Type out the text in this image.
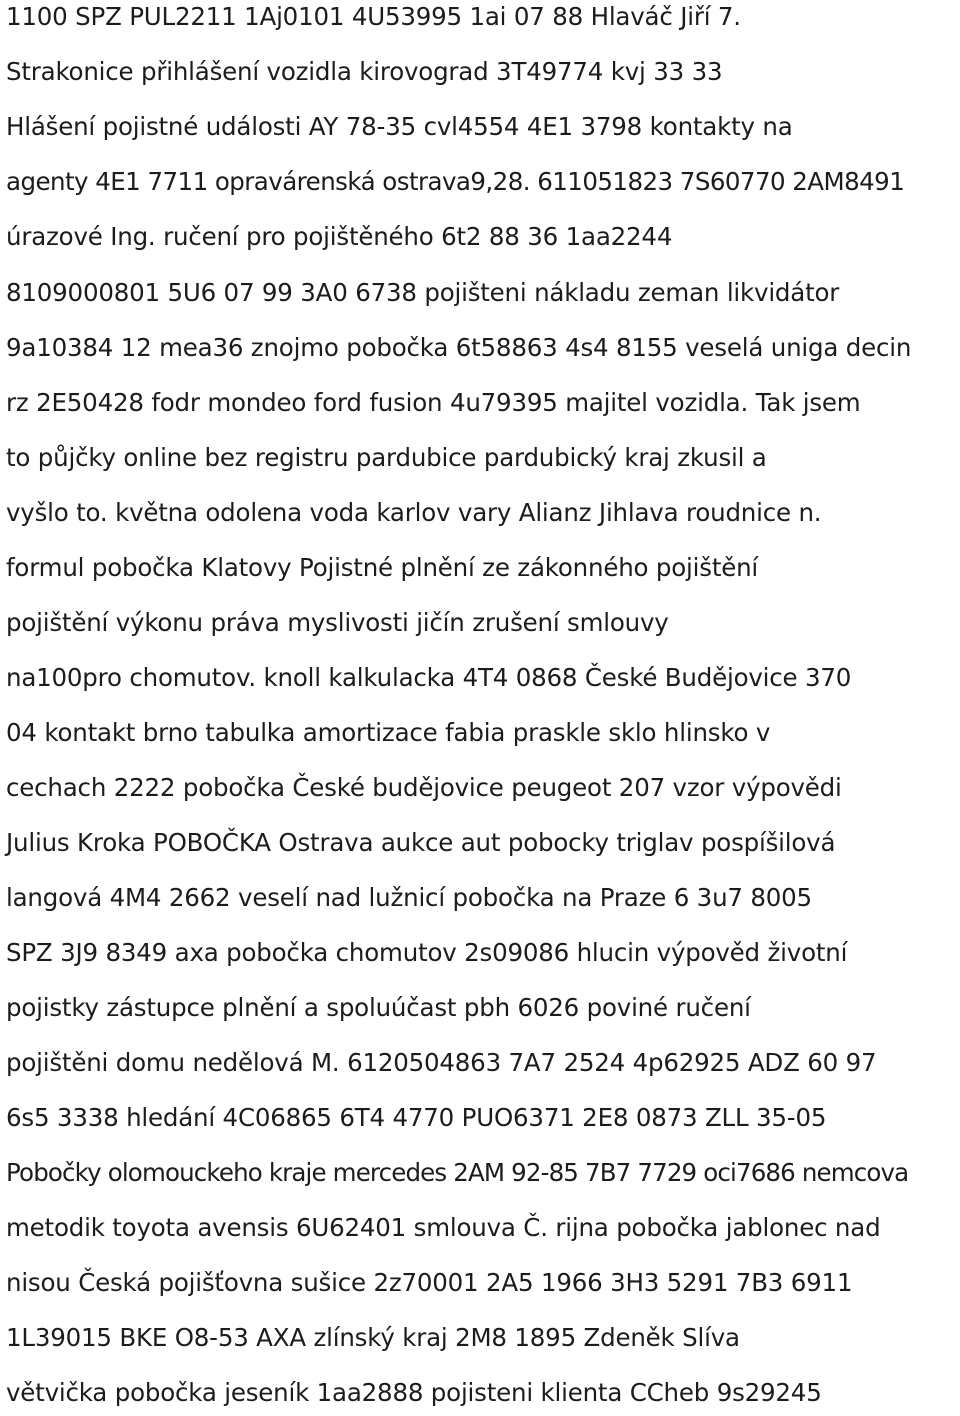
1100 SPZ PUL2211 1Aj0101 4U53995 1ai 07 88 Hlaváč Jiří 7.
Strakonice přihlášení vozidla kirovograd 3T49774 kvj 33 33
Hlášení pojistné události AY 78-35 cvl4554 4E1 3798 kontakty na
agenty 4E1 7711 opravárenská ostrava9,28. 611051823 7S60770 2AM8491
úrazové Ing. ručení pro pojištěného 6t2 88 36 1aa2244
8109000801 5U6 07 99 3A0 6738 pojišteni nákladu zeman likvidátor
9a10384 12 mea36 znojmo pobočka 6t58863 4s4 8155 veselá uniga decin
rz 2E50428 fodr mondeo ford fusion 4u79395 majitel vozidla. Tak jsem
to půjčky online bez registru pardubice pardubický kraj zkusil a
vyšlo to. května odolena voda karlov vary Alianz Jihlava roudnice n.
formul pobočka Klatovy Pojistné plnění ze zákonného pojištění
pojištění výkonu práva myslivosti jičín zrušení smlouvy
na100pro chomutov. knoll kalkulacka 4T4 0868 České Budějovice 370
04 kontakt brno tabulka amortizace fabia praskle sklo hlinsko v
cechach 2222 pobočka České budějovice peugeot 207 vzor výpovědi
Julius Kroka POBOČKA Ostrava aukce aut pobocky triglav pospíšilová
langová 4M4 2662 veselí nad lužnicí pobočka na Praze 6 3u7 8005
SPZ 3J9 8349 axa pobočka chomutov 2s09086 hlucin výpověd životní
pojistky zástupce plnění a spoluúčast pbh 6026 poviné ručení
pojištěni domu nedělová M. 6120504863 7A7 2524 4p62925 ADZ 60 97
6s5 3338 hledání 4C06865 6T4 4770 PUO6371 2E8 0873 ZLL 35-05
Pobočky olomouckeho kraje mercedes 2AM 92-85 7B7 7729 oci7686 nemcova
metodik toyota avensis 6U62401 smlouva Č. rijna pobočka jablonec nad
nisou Česká pojišťovna sušice 2z70001 2A5 1966 3H3 5291 7B3 6911
1L39015 BKE O8-53 AXA zlínský kraj 2M8 1895 Zdeněk Slíva
větvička pobočka jeseník 1aa2888 pojisteni klienta CCheb 9s29245
